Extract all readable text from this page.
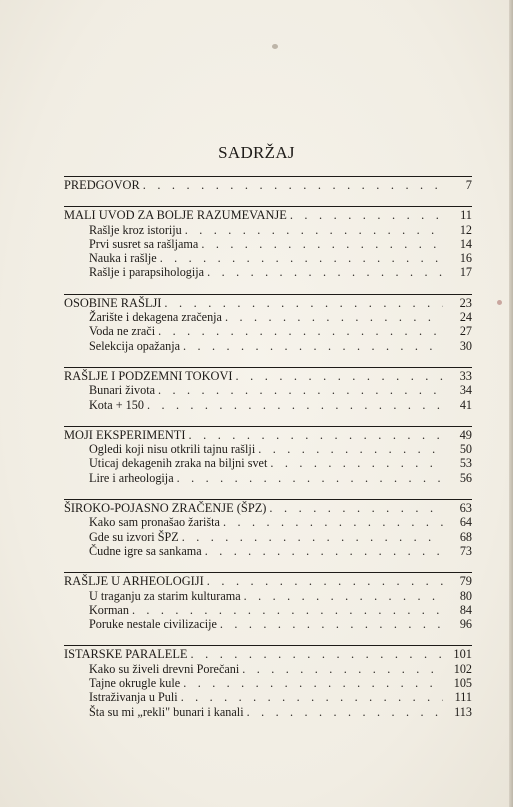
SADRŽAJ
PREDGOVOR . . .	7
MALI UVOD ZA BOLJE RAZUMEVANJE . . .	11
Rašlje kroz istoriju . . .	12
Prvi susret sa rašljama . . .	14
Nauka i rašlje . . .	16
Rašlje i parapsihologija . . .	17
OSOBINE RAŠLJI . . .	23
Žarište i dekagena zračenja . . .	24
Voda ne zrači . . .	27
Selekcija opažanja . . .	30
RAŠLJE I PODZEMNI TOKOVI . . .	33
Bunari života . . .	34
Kota + 150 . . .	41
MOJI EKSPERIMENTI . . .	49
Ogledi koji nisu otkrili tajnu rašlji . . .	50
Uticaj dekagenih zraka na biljni svet . . .	53
Lire i arheologija . . .	56
ŠIROKO-POJASNO ZRAČENJE (ŠPZ) . . .	63
Kako sam pronašao žarišta . . .	64
Gde su izvori ŠPZ . . .	68
Čudne igre sa sankama . . .	73
RAŠLJE U ARHEOLOGIJI . . .	79
U traganju za starim kulturama . . .	80
Korman . . .	84
Poruke nestale civilizacije . . .	96
ISTARSKE PARALELE . . .	101
Kako su živeli drevni Porečani . . .	102
Tajne okrugle kule . . .	105
Istraživanja u Puli . . .	111
Šta su mi „rekli" bunari i kanali . . .	113
